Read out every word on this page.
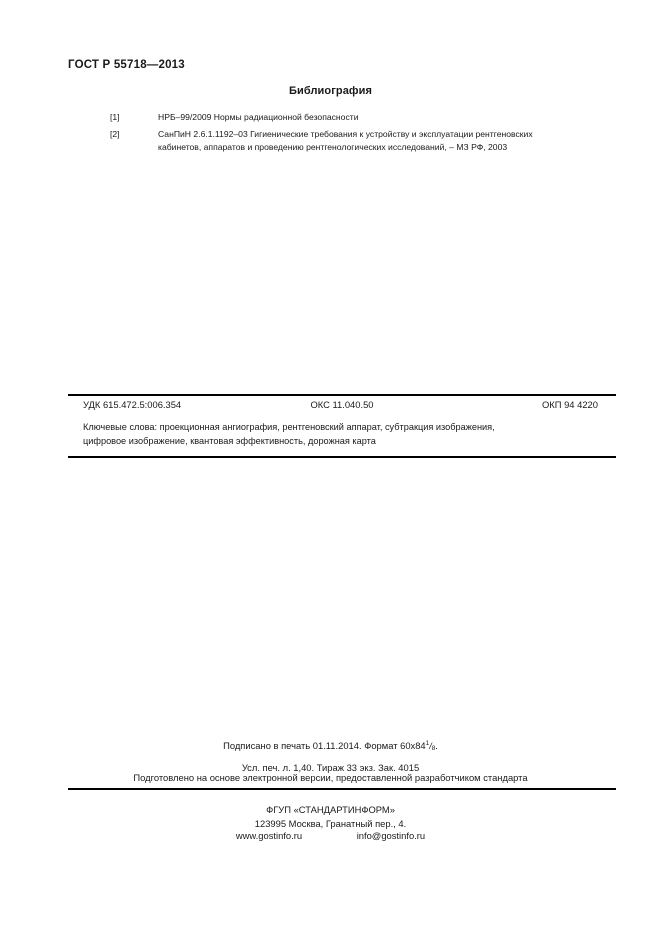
ГОСТ Р 55718—2013
Библиография
[1]	НРБ–99/2009 Нормы радиационной безопасности
[2]	СанПиН 2.6.1.1192–03 Гигиенические требования к устройству и эксплуатации рентгеновских
кабинетов, аппаратов и проведению рентгенологических исследований, – МЗ РФ, 2003
УДК 615.472.5:006.354	ОКС 11.040.50	ОКП 94 4220
Ключевые слова: проекционная ангиография, рентгеновский аппарат, субтракция изображения,
цифровое изображение, квантовая эффективность, дорожная карта
Подписано в печать 01.11.2014. Формат $60x84^1/_8$.
Усл. печ. л. 1,40. Тираж 33 экз. Зак. 4015
Подготовлено на основе электронной версии, предоставленной разработчиком стандарта
ФГУП «СТАНДАРТИНФОРМ»
123995 Москва, Гранатный пер., 4.
www.gostinfo.ru	info@gostinfo.ru
